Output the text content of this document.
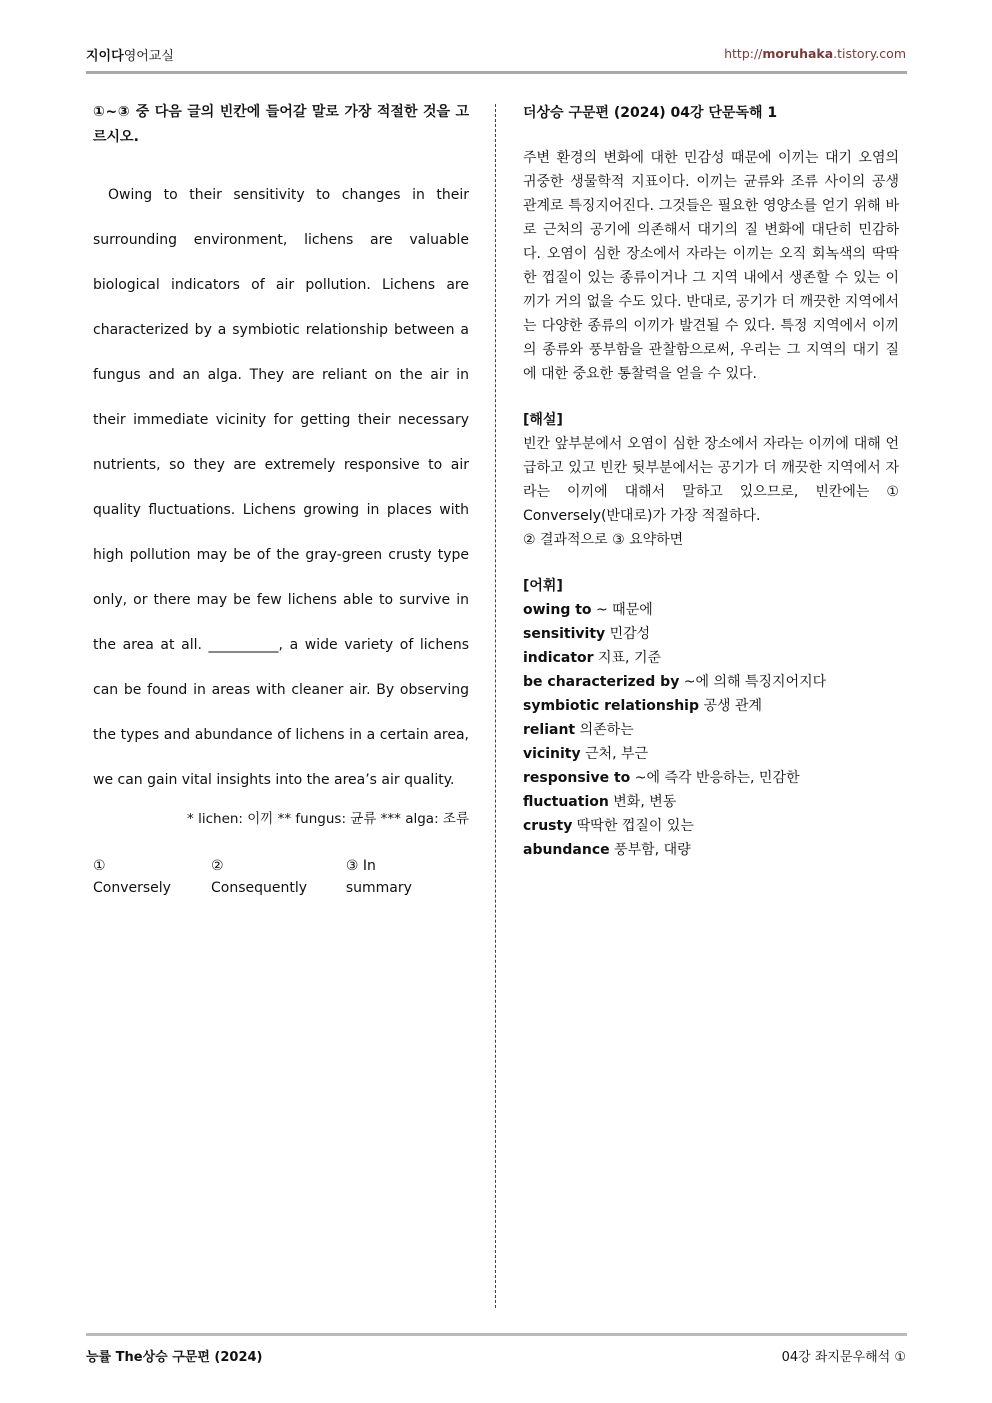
지이다영어교실	http://moruhaka.tistory.com

①~③ 중 다음 글의 빈칸에 들어갈 말로 가장 적절한 것을 고르시오.

Owing to their sensitivity to changes in their surrounding environment, lichens are valuable biological indicators of air pollution. Lichens are characterized by a symbiotic relationship between a fungus and an alga. They are reliant on the air in their immediate vicinity for getting their necessary nutrients, so they are extremely responsive to air quality fluctuations. Lichens growing in places with high pollution may be of the gray-green crusty type only, or there may be few lichens able to survive in the area at all. __________, a wide variety of lichens can be found in areas with cleaner air. By observing the types and abundance of lichens in a certain area, we can gain vital insights into the area’s air quality.

* lichen: 이끼 ** fungus: 균류 *** alga: 조류
① Conversely
② Consequently
③ In summary

더상승 구문편 (2024) 04강 단문독해 1

주변 환경의 변화에 대한 민감성 때문에 이끼는 대기 오염의 귀중한 생물학적 지표이다. 이끼는 균류와 조류 사이의 공생 관계로 특징지어진다. 그것들은 필요한 영양소를 얻기 위해 바로 근처의 공기에 의존해서 대기의 질 변화에 대단히 민감하다. 오염이 심한 장소에서 자라는 이끼는 오직 회녹색의 딱딱한 껍질이 있는 종류이거나 그 지역 내에서 생존할 수 있는 이끼가 거의 없을 수도 있다. 반대로, 공기가 더 깨끗한 지역에서는 다양한 종류의 이끼가 발견될 수 있다. 특정 지역에서 이끼의 종류와 풍부함을 관찰함으로써, 우리는 그 지역의 대기 질에 대한 중요한 통찰력을 얻을 수 있다.
[해설]
빈칸 앞부분에서 오염이 심한 장소에서 자라는 이끼에 대해 언급하고 있고 빈칸 뒷부분에서는 공기가 더 깨끗한 지역에서 자라는 이끼에 대해서 말하고 있으므로, 빈칸에는 ① Conversely(반대로)가 가장 적절하다.
② 결과적으로 ③ 요약하면
[어휘]
owing to ~ 때문에
sensitivity 민감성
indicator 지표, 기준
be characterized by ~에 의해 특징지어지다
symbiotic relationship 공생 관계
reliant 의존하는
vicinity 근처, 부근
responsive to ~에 즉각 반응하는, 민감한
fluctuation 변화, 변동
crusty 딱딱한 껍질이 있는
abundance 풍부함, 대량
능률 The상승 구문편 (2024)	04강 좌지문우해석 ①
